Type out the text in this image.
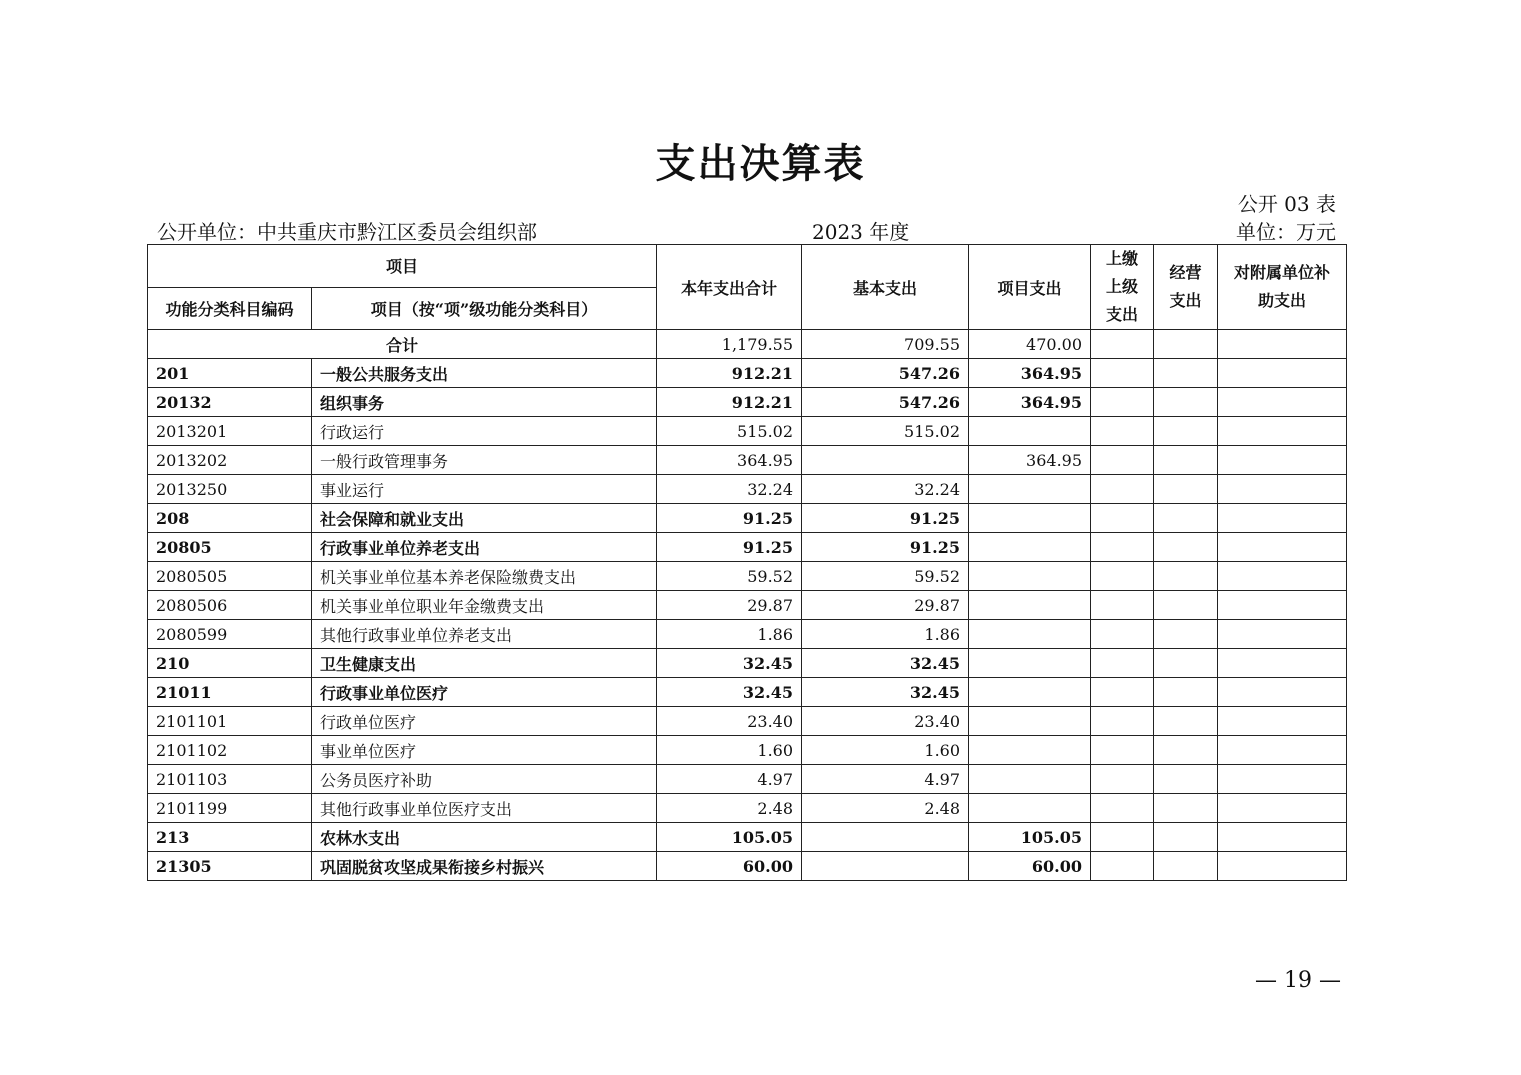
支出决算表
公开 03 表
公开单位：中共重庆市黔江区委员会组织部	2023 年度	单位：万元
项目		本年支出合计	基本支出	项目支出	上缴上级支出	经营支出	对附属单位补助支出
功能分类科目编码	项目（按“项”级功能分类科目）						
合计		1,179.55	709.55	470.00			
201	一般公共服务支出	912.21	547.26	364.95			
20132	组织事务	912.21	547.26	364.95			
2013201	行政运行	515.02	515.02				
2013202	一般行政管理事务	364.95		364.95			
2013250	事业运行	32.24	32.24				
208	社会保障和就业支出	91.25	91.25				
20805	行政事业单位养老支出	91.25	91.25				
2080505	机关事业单位基本养老保险缴费支出	59.52	59.52				
2080506	机关事业单位职业年金缴费支出	29.87	29.87				
2080599	其他行政事业单位养老支出	1.86	1.86				
210	卫生健康支出	32.45	32.45				
21011	行政事业单位医疗	32.45	32.45				
2101101	行政单位医疗	23.40	23.40				
2101102	事业单位医疗	1.60	1.60				
2101103	公务员医疗补助	4.97	4.97				
2101199	其他行政事业单位医疗支出	2.48	2.48				
213	农林水支出	105.05		105.05			
21305	巩固脱贫攻坚成果衔接乡村振兴	60.00		60.00			
— 19 —
